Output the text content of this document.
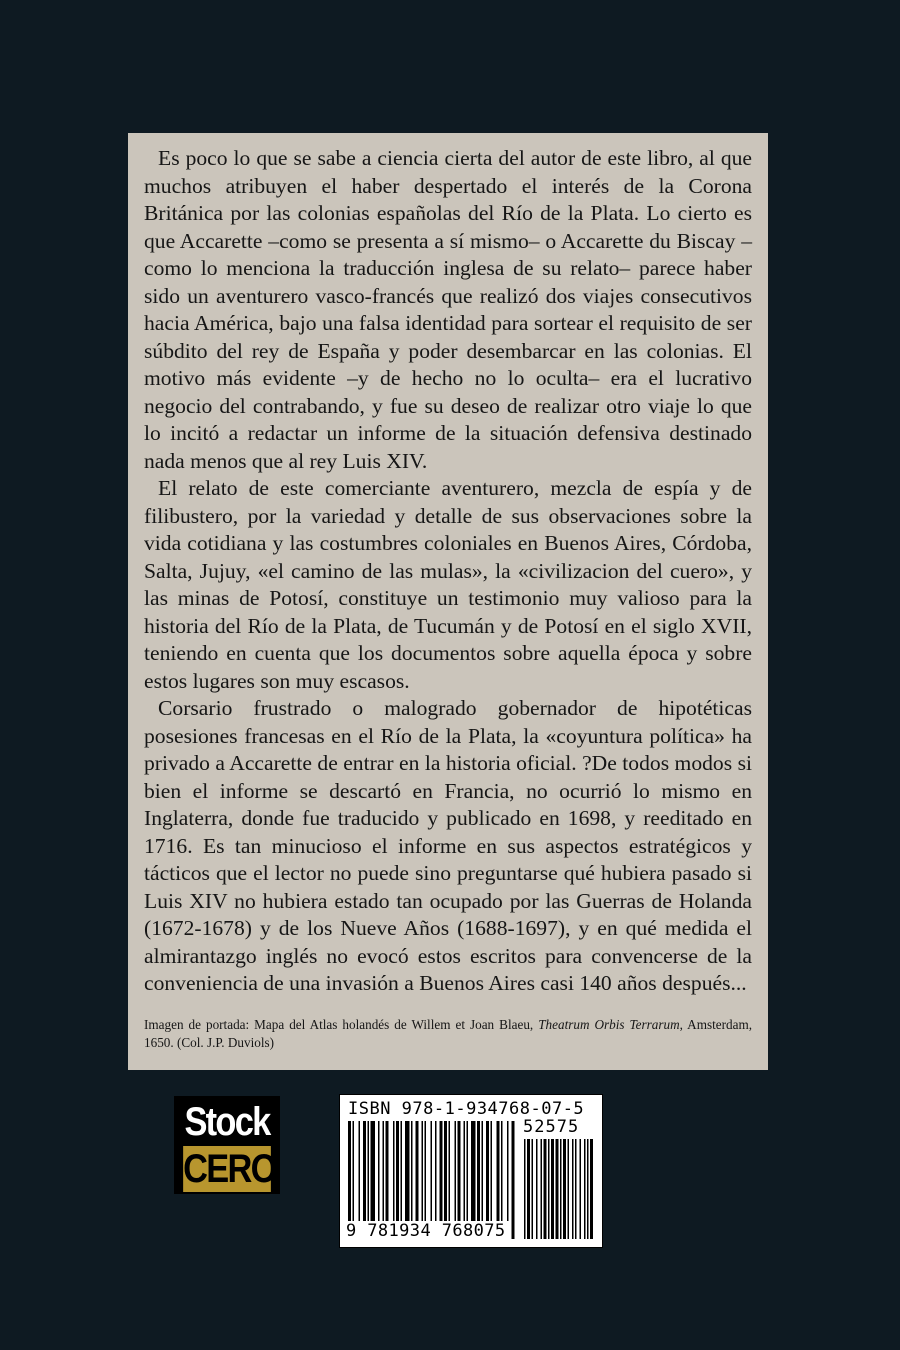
Es poco lo que se sabe a ciencia cierta del autor de este libro, al que muchos atribuyen el haber despertado el interés de la Corona Británica por las colonias españolas del Río de la Plata. Lo cierto es que Accarette –como se presenta a sí mismo– o Accarette du Biscay –como lo menciona la traducción inglesa de su relato– parece haber sido un aventurero vasco-francés que realizó dos viajes consecutivos hacia América, bajo una falsa identidad para sortear el requisito de ser súbdito del rey de España y poder desembarcar en las colonias. El motivo más evidente –y de hecho no lo oculta– era el lucrativo negocio del contrabando, y fue su deseo de realizar otro viaje lo que lo incitó a redactar un informe de la situación defensiva destinado nada menos que al rey Luis XIV.

El relato de este comerciante aventurero, mezcla de espía y de filibustero, por la variedad y detalle de sus observaciones sobre la vida cotidiana y las costumbres coloniales en Buenos Aires, Córdoba, Salta, Jujuy, «el camino de las mulas», la «civilizacion del cuero», y las minas de Potosí, constituye un testimonio muy valioso para la historia del Río de la Plata, de Tucumán y de Potosí en el siglo XVII, teniendo en cuenta que los documentos sobre aquella época y sobre estos lugares son muy escasos.

Corsario frustrado o malogrado gobernador de hipotéticas posesiones francesas en el Río de la Plata, la «coyuntura política» ha privado a Accarette de entrar en la historia oficial. ?De todos modos si bien el informe se descartó en Francia, no ocurrió lo mismo en Inglaterra, donde fue traducido y publicado en 1698, y reeditado en 1716. Es tan minucioso el informe en sus aspectos estratégicos y tácticos que el lector no puede sino preguntarse qué hubiera pasado si Luis XIV no hubiera estado tan ocupado por las Guerras de Holanda (1672-1678) y de los Nueve Años (1688-1697), y en qué medida el almirantazgo inglés no evocó estos escritos para convencerse de la conveniencia de una invasión a Buenos Aires casi 140 años después...

Imagen de portada: Mapa del Atlas holandés de Willem et Joan Blaeu, Theatrum Orbis Terrarum, Amsterdam, 1650. (Col. J.P. Duviols)
Stock
CERO
ISBN 978-1-934768-07-5
52575
9 781934 768075
